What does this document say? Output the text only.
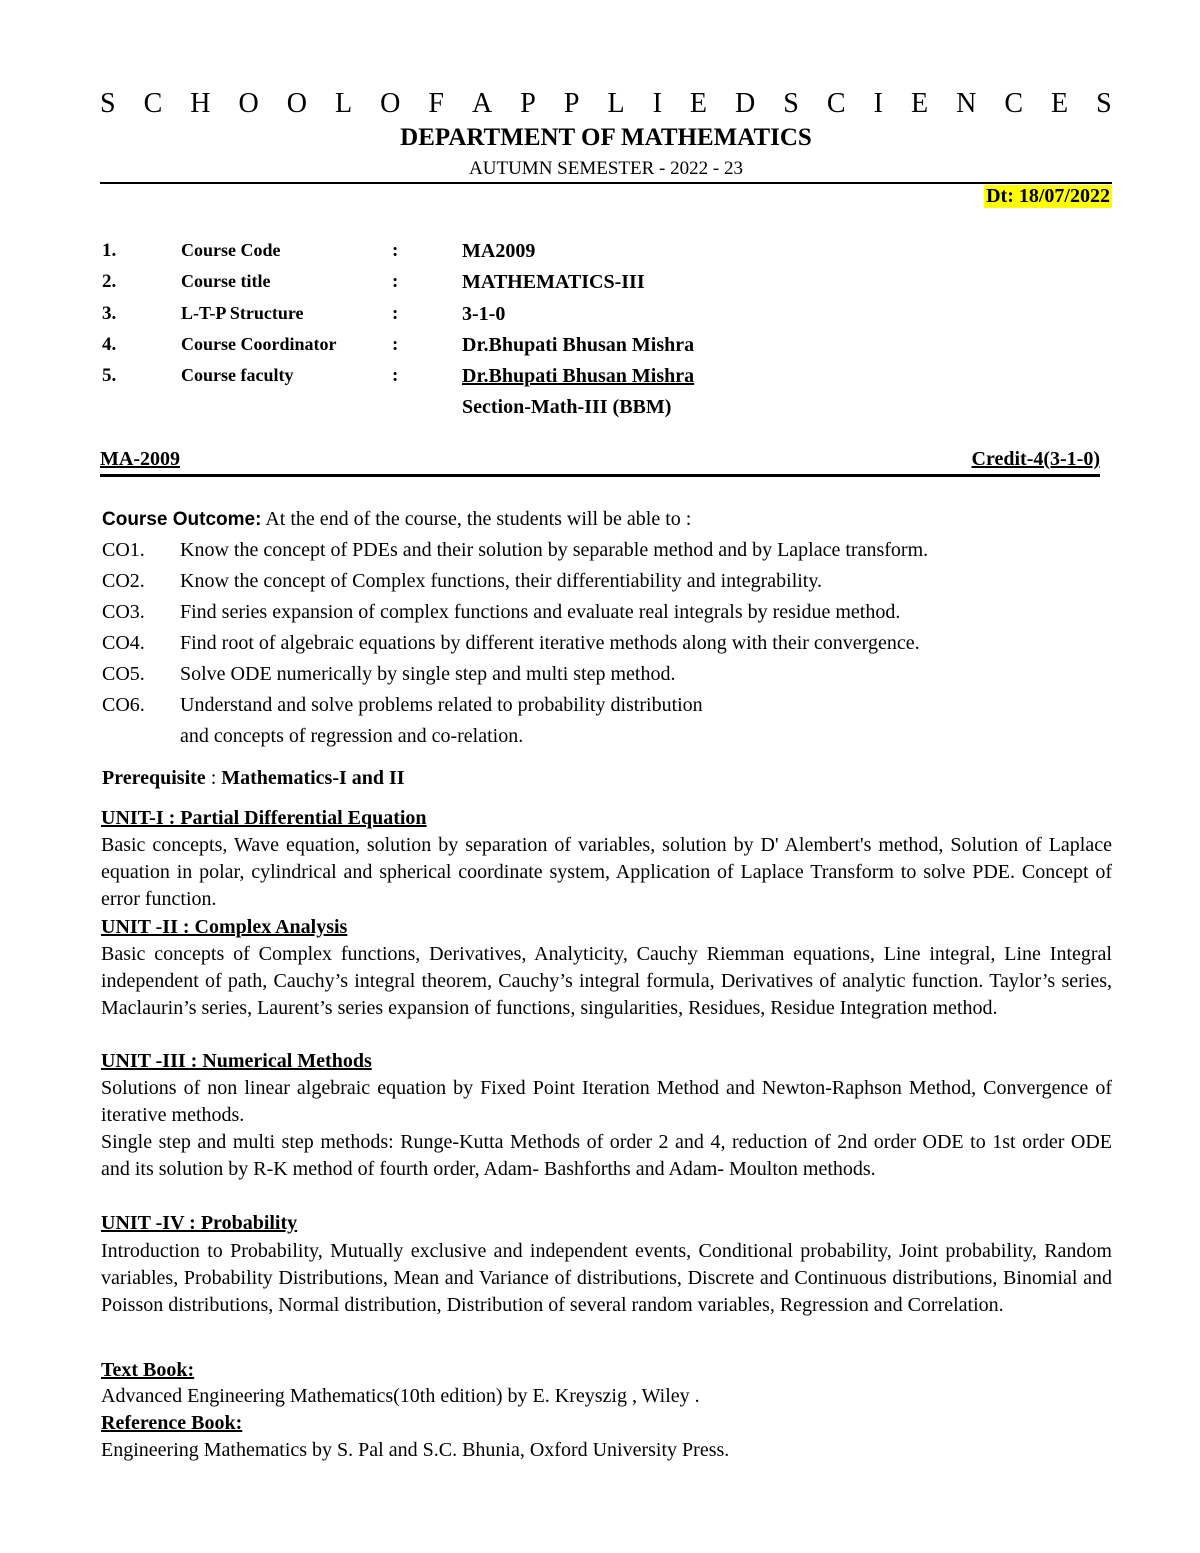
S C H O O L O F A P P L I E D S C I E N C E S
DEPARTMENT OF MATHEMATICS
AUTUMN SEMESTER - 2022 - 23
Dt: 18/07/2022
1.	Course Code	:	MA2009
2.	Course title	:	MATHEMATICS-III
3.	L-T-P Structure	:	3-1-0
4.	Course Coordinator	:	Dr.Bhupati Bhusan Mishra
5.	Course faculty	:	Dr.Bhupati Bhusan Mishra
Section-Math-III (BBM)
MA-2009	Credit-4(3-1-0)
Course Outcome: At the end of the course, the students will be able to :
CO1. Know the concept of PDEs and their solution by separable method and by Laplace transform.
CO2. Know the concept of Complex functions, their differentiability and integrability.
CO3. Find series expansion of complex functions and evaluate real integrals by residue method.
CO4. Find root of algebraic equations by different iterative methods along with their convergence.
CO5. Solve ODE numerically by single step and multi step method.
CO6. Understand and solve problems related to probability distribution
and concepts of regression and co-relation.
Prerequisite : Mathematics-I and II
UNIT-I : Partial Differential Equation
Basic concepts, Wave equation, solution by separation of variables, solution by D' Alembert's method, Solution of Laplace equation in polar, cylindrical and spherical coordinate system, Application of Laplace Transform to solve PDE. Concept of error function.
UNIT -II : Complex Analysis
Basic concepts of Complex functions, Derivatives, Analyticity, Cauchy Riemman equations, Line integral, Line Integral independent of path, Cauchy’s integral theorem, Cauchy’s integral formula, Derivatives of analytic function. Taylor’s series, Maclaurin’s series, Laurent’s series expansion of functions, singularities, Residues, Residue Integration method.
UNIT -III : Numerical Methods
Solutions of non linear algebraic equation by Fixed Point Iteration Method and Newton-Raphson Method, Convergence of iterative methods.
Single step and multi step methods: Runge-Kutta Methods of order 2 and 4, reduction of 2nd order ODE to 1st order ODE and its solution by R-K method of fourth order, Adam- Bashforths and Adam- Moulton methods.
UNIT -IV : Probability
Introduction to Probability, Mutually exclusive and independent events, Conditional probability, Joint probability, Random variables, Probability Distributions, Mean and Variance of distributions, Discrete and Continuous distributions, Binomial and Poisson distributions, Normal distribution, Distribution of several random variables, Regression and Correlation.
Text Book:
Advanced Engineering Mathematics(10th edition) by E. Kreyszig , Wiley .
Reference Book:
Engineering Mathematics by S. Pal and S.C. Bhunia, Oxford University Press.
